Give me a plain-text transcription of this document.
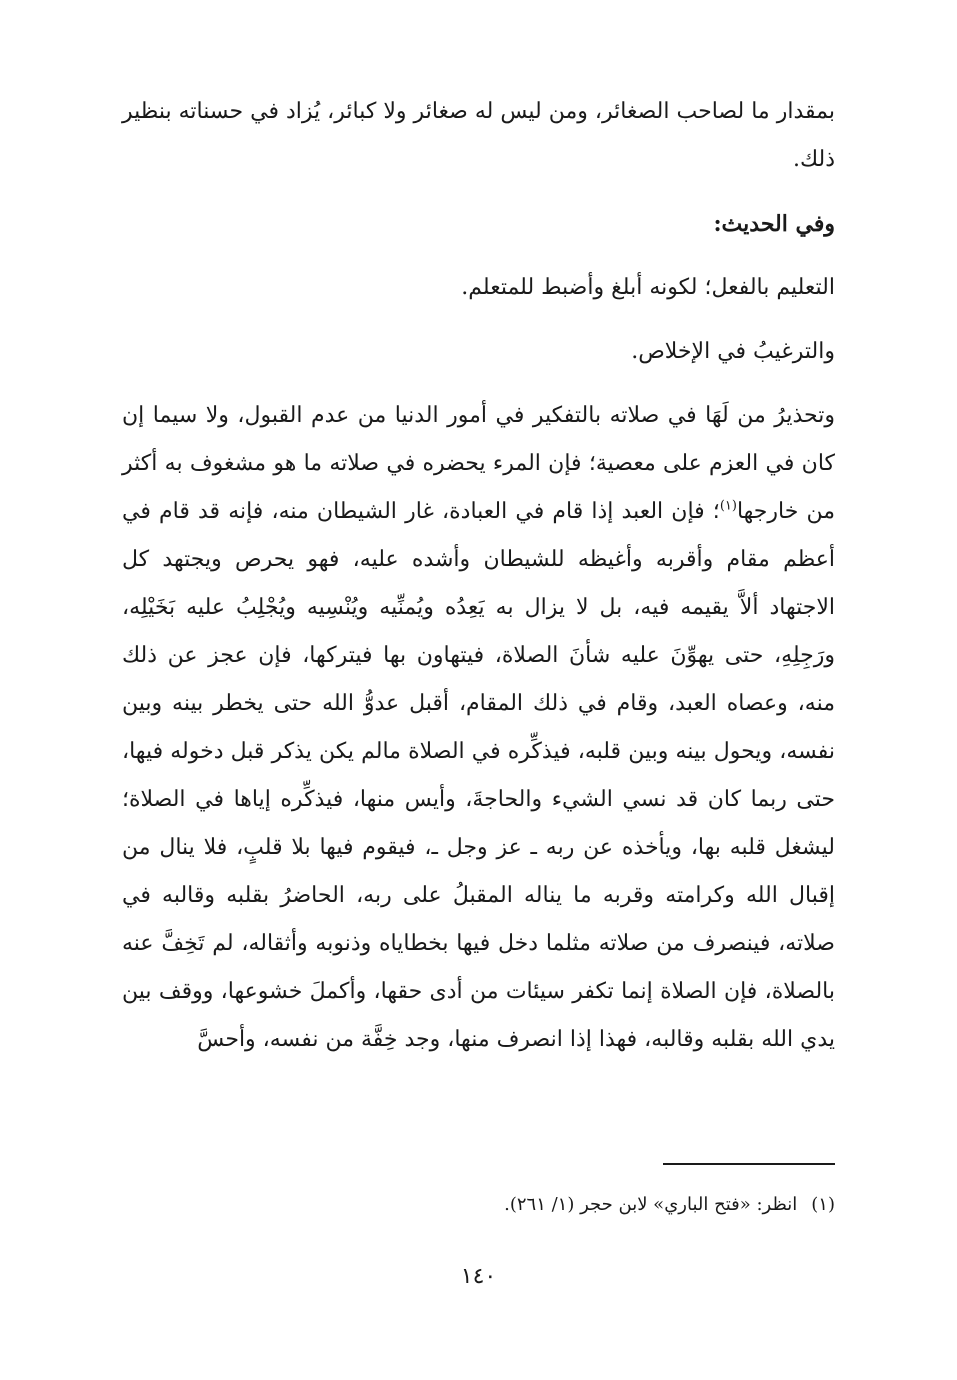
بمقدار ما لصاحب الصغائر، ومن ليس له صغائر ولا كبائر، يُزاد في حسناته بنظير ذلك.

وفي الحديث:

التعليم بالفعل؛ لكونه أبلغ وأضبط للمتعلم.

والترغيبُ في الإخلاص.

وتحذيرُ من لَهَا في صلاته بالتفكير في أمور الدنيا من عدم القبول، ولا سيما إن كان في العزم على معصية؛ فإن المرء يحضره في صلاته ما هو مشغوف به أكثر من خارجها$^{(١)}$؛ فإن العبد إذا قام في العبادة، غار الشيطان منه، فإنه قد قام في أعظم مقام وأقربه وأغيظه للشيطان وأشده عليه، فهو يحرص ويجتهد كل الاجتهاد ألاَّ يقيمه فيه، بل لا يزال به يَعِدُه ويُمنِّيه ويُنْسِيه ويُجْلِبُ عليه بَخَيْلِه، ورَجِلِهِ، حتى يهوِّنَ عليه شأنَ الصلاة، فيتهاون بها فيتركها، فإن عجز عن ذلك منه، وعصاه العبد، وقام في ذلك المقام، أقبل عدوُّ الله حتى يخطر بينه وبين نفسه، ويحول بينه وبين قلبه، فيذكِّره في الصلاة مالم يكن يذكر قبل دخوله فيها، حتى ربما كان قد نسي الشيء والحاجةَ، وأيس منها، فيذكِّره إياها في الصلاة؛ ليشغل قلبه بها، ويأخذه عن ربه ـ عز وجل ـ، فيقوم فيها بلا قلبٍ، فلا ينال من إقبال الله وكرامته وقربه ما يناله المقبلُ على ربه، الحاضرُ بقلبه وقالبه في صلاته، فينصرف من صلاته مثلما دخل فيها بخطاياه وذنوبه وأثقاله، لم تَخِفَّ عنه بالصلاة، فإن الصلاة إنما تكفر سيئات من أدى حقها، وأكملَ خشوعها، ووقف بين يدي الله بقلبه وقالبه، فهذا إذا انصرف منها، وجد خِفَّة من نفسه، وأحسَّ

(١)انظر: «فتح الباري» لابن حجر (١/ ٢٦١).
١٤٠
